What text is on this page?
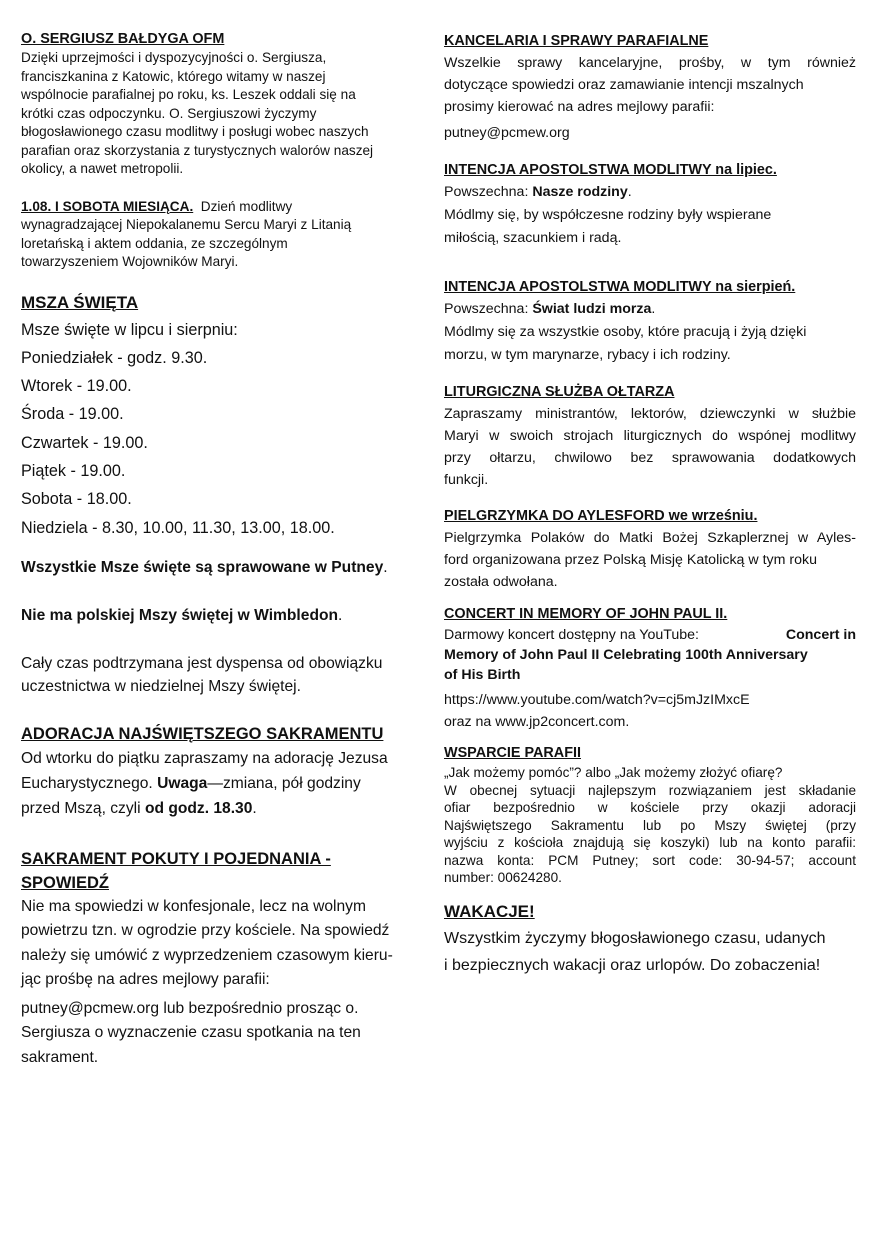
O. SERGIUSZ BAŁDYGA OFM
Dzięki uprzejmości i dyspozycyjności o. Sergiusza,
franciszkanina z Katowic, którego witamy w naszej
wspólnocie parafialnej po roku, ks. Leszek oddali się na
krótki czas odpoczynku. O. Sergiuszowi życzymy
błogosławionego czasu modlitwy i posługi wobec naszych
parafian oraz skorzystania z turystycznych walorów naszej
okolicy, a nawet metropolii.
1.08. I SOBOTA MIESIĄCA. Dzień modlitwy
wynagradzającej Niepokalanemu Sercu Maryi z Litanią
loretańską i aktem oddania, ze szczególnym
towarzyszeniem Wojowników Maryi.
MSZA ŚWIĘTA
Msze święte w lipcu i sierpniu:
Poniedziałek - godz. 9.30.
Wtorek - 19.00.
Środa - 19.00.
Czwartek - 19.00.
Piątek - 19.00.
Sobota - 18.00.
Niedziela - 8.30, 10.00, 11.30, 13.00, 18.00.
Wszystkie Msze święte są sprawowane w Putney.
Nie ma polskiej Mszy świętej w Wimbledon.
Cały czas podtrzymana jest dyspensa od obowiązku
uczestnictwa w niedzielnej Mszy świętej.
ADORACJA NAJŚWIĘTSZEGO SAKRAMENTU
Od wtorku do piątku zapraszamy na adorację Jezusa
Eucharystycznego. Uwaga—zmiana, pół godziny
przed Mszą, czyli od godz. 18.30.
SAKRAMENT POKUTY I POJEDNANIA -
SPOWIEDŹ
Nie ma spowiedzi w konfesjonale, lecz na wolnym
powietrzu tzn. w ogrodzie przy kościele. Na spowiedź
należy się umówić z wyprzedzeniem czasowym kieru-
jąc prośbę na adres mejlowy parafii:
putney@pcmew.org lub bezpośrednio prosząc o.
Sergiusza o wyznaczenie czasu spotkania na ten
sakrament.
KANCELARIA I SPRAWY PARAFIALNE
Wszelkie sprawy kancelaryjne, prośby, w tym również
dotyczące spowiedzi oraz zamawianie intencji mszalnych
prosimy kierować na adres mejlowy parafii:
putney@pcmew.org
INTENCJA APOSTOLSTWA MODLITWY na lipiec.
Powszechna: Nasze rodziny.
Módlmy się, by współczesne rodziny były wspierane
miłością, szacunkiem i radą.
INTENCJA APOSTOLSTWA MODLITWY na sierpień.
Powszechna: Świat ludzi morza.
Módlmy się za wszystkie osoby, które pracują i żyją dzięki
morzu, w tym marynarze, rybacy i ich rodziny.
LITURGICZNA SŁUŻBA OŁTARZA
Zapraszamy ministrantów, lektorów, dziewczynki w służbie
Maryi w swoich strojach liturgicznych do wspónej modlitwy
przy ołtarzu, chwilowo bez sprawowania dodatkowych
funkcji.
PIELGRZYMKA DO AYLESFORD we wrześniu.
Pielgrzymka Polaków do Matki Bożej Szkaplerznej w Ayles-
ford organizowana przez Polską Misję Katolicką w tym roku
została odwołana.
CONCERT IN MEMORY OF JOHN PAUL II.
Darmowy koncert dostępny na YouTube:	Concert in
Memory of John Paul II Celebrating 100th Anniversary
of His Birth
https://www.youtube.com/watch?v=cj5mJzIMxcE
oraz na www.jp2concert.com.
WSPARCIE PARAFII
„Jak możemy pomóc”? albo „Jak możemy złożyć ofiarę?
W obecnej sytuacji najlepszym rozwiązaniem jest składanie
ofiar bezpośrednio w kościele przy okazji adoracji
Najświętszego Sakramentu lub po Mszy świętej (przy
wyjściu z kościoła znajdują się koszyki) lub na konto parafii:
nazwa konta: PCM Putney; sort code: 30-94-57; account
number: 00624280.
WAKACJE!
Wszystkim życzymy błogosławionego czasu, udanych
i bezpiecznych wakacji oraz urlopów. Do zobaczenia!
